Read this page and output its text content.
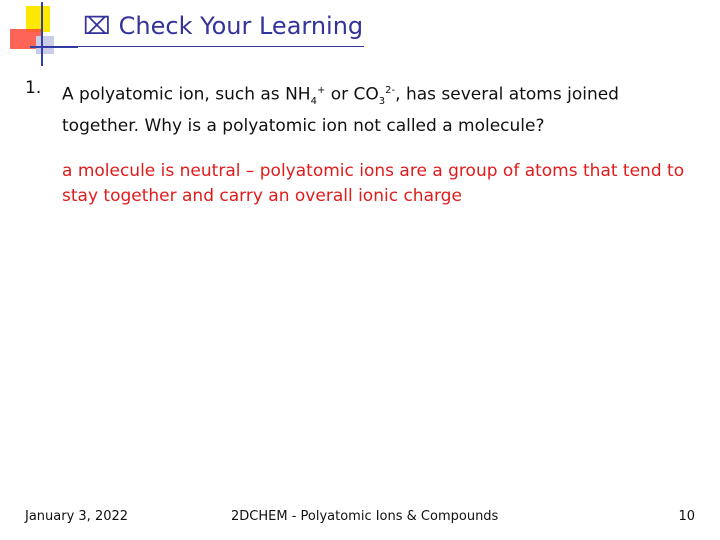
⌧ Check Your Learning
1. A polyatomic ion, such as $NH_4^+$ or $CO_3^{2-}$, has several atoms joined together. Why is a polyatomic ion not called a molecule?
a molecule is neutral – polyatomic ions are a group of atoms that tend to stay together and carry an overall ionic charge
January 3, 2022	2DCHEM - Polyatomic Ions & Compounds	10
